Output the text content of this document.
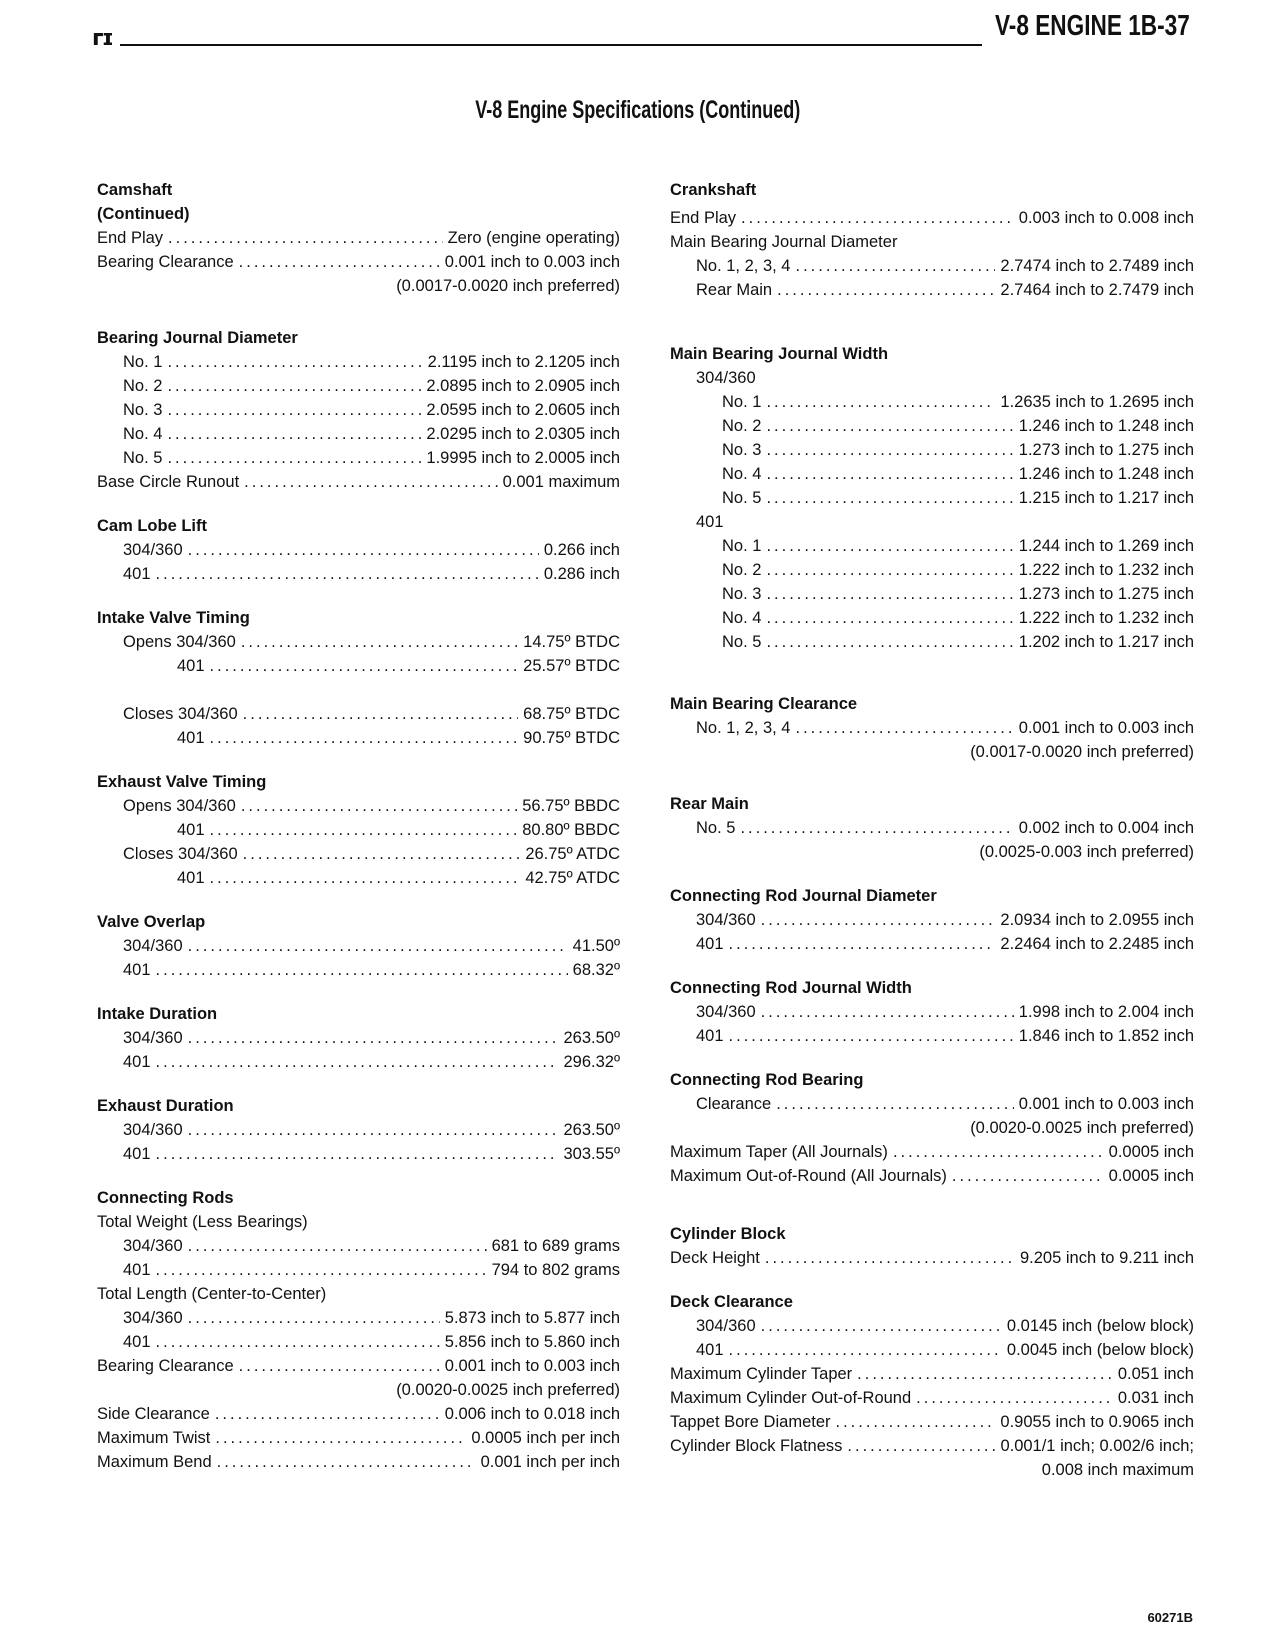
ᴦɪ	V-8 ENGINE 1B-37
V-8 Engine Specifications (Continued)
Camshaft
(Continued)
End Play .....	Zero (engine operating)
Bearing Clearance .....	0.001 inch to 0.003 inch
(0.0017-0.0020 inch preferred)
Bearing Journal Diameter
No. 1 .....	2.1195 inch to 2.1205 inch
No. 2 .....	2.0895 inch to 2.0905 inch
No. 3 .....	2.0595 inch to 2.0605 inch
No. 4 .....	2.0295 inch to 2.0305 inch
No. 5 .....	1.9995 inch to 2.0005 inch
Base Circle Runout .....	0.001 maximum
Cam Lobe Lift
304/360 .....	0.266 inch
401 .....	0.286 inch
Intake Valve Timing
Opens 304/360 .....	14.75º BTDC
401 .....	25.57º BTDC
Closes 304/360 .....	68.75º BTDC
401 .....	90.75º BTDC
Exhaust Valve Timing
Opens 304/360 .....	56.75º BBDC
401 .....	80.80º BBDC
Closes 304/360 .....	26.75º ATDC
401 .....	42.75º ATDC
Valve Overlap
304/360 .....	41.50º
401 .....	68.32º
Intake Duration
304/360 .....	263.50º
401 .....	296.32º
Exhaust Duration
304/360 .....	263.50º
401 .....	303.55º
Connecting Rods
Total Weight (Less Bearings)
304/360 .....	681 to 689 grams
401 .....	794 to 802 grams
Total Length (Center-to-Center)
304/360 .....	5.873 inch to 5.877 inch
401 .....	5.856 inch to 5.860 inch
Bearing Clearance .....	0.001 inch to 0.003 inch
(0.0020-0.0025 inch preferred)
Side Clearance .....	0.006 inch to 0.018 inch
Maximum Twist .....	0.0005 inch per inch
Maximum Bend .....	0.001 inch per inch
Crankshaft
End Play .....	0.003 inch to 0.008 inch
Main Bearing Journal Diameter
No. 1, 2, 3, 4 .....	2.7474 inch to 2.7489 inch
Rear Main .....	2.7464 inch to 2.7479 inch
Main Bearing Journal Width
304/360
No. 1 .....	1.2635 inch to 1.2695 inch
No. 2 .....	1.246 inch to 1.248 inch
No. 3 .....	1.273 inch to 1.275 inch
No. 4 .....	1.246 inch to 1.248 inch
No. 5 .....	1.215 inch to 1.217 inch
401
No. 1 .....	1.244 inch to 1.269 inch
No. 2 .....	1.222 inch to 1.232 inch
No. 3 .....	1.273 inch to 1.275 inch
No. 4 .....	1.222 inch to 1.232 inch
No. 5 .....	1.202 inch to 1.217 inch
Main Bearing Clearance
No. 1, 2, 3, 4 .....	0.001 inch to 0.003 inch
(0.0017-0.0020 inch preferred)
Rear Main
No. 5 .....	0.002 inch to 0.004 inch
(0.0025-0.003 inch preferred)
Connecting Rod Journal Diameter
304/360 .....	2.0934 inch to 2.0955 inch
401 .....	2.2464 inch to 2.2485 inch
Connecting Rod Journal Width
304/360 .....	1.998 inch to 2.004 inch
401 .....	1.846 inch to 1.852 inch
Connecting Rod Bearing
Clearance .....	0.001 inch to 0.003 inch
(0.0020-0.0025 inch preferred)
Maximum Taper (All Journals) .....	0.0005 inch
Maximum Out-of-Round (All Journals) .....	0.0005 inch
Cylinder Block
Deck Height .....	9.205 inch to 9.211 inch
Deck Clearance
304/360 .....	0.0145 inch (below block)
401 .....	0.0045 inch (below block)
Maximum Cylinder Taper .....	0.051 inch
Maximum Cylinder Out-of-Round .....	0.031 inch
Tappet Bore Diameter .....	0.9055 inch to 0.9065 inch
Cylinder Block Flatness .....	0.001/1 inch; 0.002/6 inch;
0.008 inch maximum
60271B
